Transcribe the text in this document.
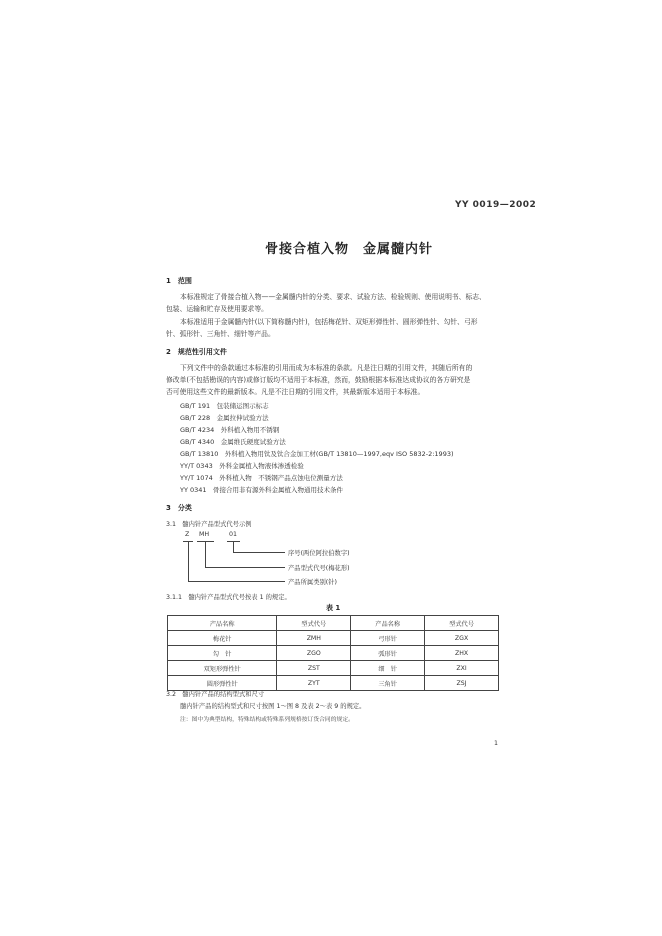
YY 0019—2002
骨接合植入物　金属髓内针
1　范围
本标准规定了骨接合植入物——金属髓内针的分类、要求、试验方法、检验规则、使用说明书、标志、
包装、运输和贮存及使用要求等。
本标准适用于金属髓内针(以下简称髓内针)，包括梅花针、双矩形弹性针、圆形弹性针、勾针、弓形
针、弧形针、三角针、细针等产品。
2　规范性引用文件
下列文件中的条款通过本标准的引用而成为本标准的条款。凡是注日期的引用文件，其随后所有的
修改单(不包括勘误的内容)或修订版均不适用于本标准，然而，鼓励根据本标准达成协议的各方研究是
否可使用这些文件的最新版本。凡是不注日期的引用文件，其最新版本适用于本标准。
GB/T 191　包装储运图示标志
GB/T 228　金属拉伸试验方法
GB/T 4234　外科植入物用不锈钢
GB/T 4340　金属维氏硬度试验方法
GB/T 13810　外科植入物用钛及钛合金加工材(GB/T 13810—1997,eqv ISO 5832-2:1993)
YY/T 0343　外科金属植入物液体渗透检验
YY/T 1074　外科植入物　不锈钢产品点蚀电位测量方法
YY 0341　骨接合用非有源外科金属植入物通用技术条件
3　分类
3.1　髓内针产品型式代号示例
Z MH	01
序号(两位阿拉伯数字)
产品型式代号(梅花形)
产品所属类别(针)
3.1.1　髓内针产品型式代号按表 1 的规定。
表 1
产品名称	型式代号	产品名称	型式代号
梅花针	ZMH	弓形针	ZGX
勾　针	ZGO	弧形针	ZHX
双矩形弹性针	ZST	细　针	ZXI
圆形弹性针	ZYT	三角针	ZSJ
3.2　髓内针产品的结构型式和尺寸
髓内针产品的结构型式和尺寸按图 1～图 8 及表 2～表 9 的规定。
注：图中为典型结构，特殊结构或特殊系列规格按订货合同的规定。
1
